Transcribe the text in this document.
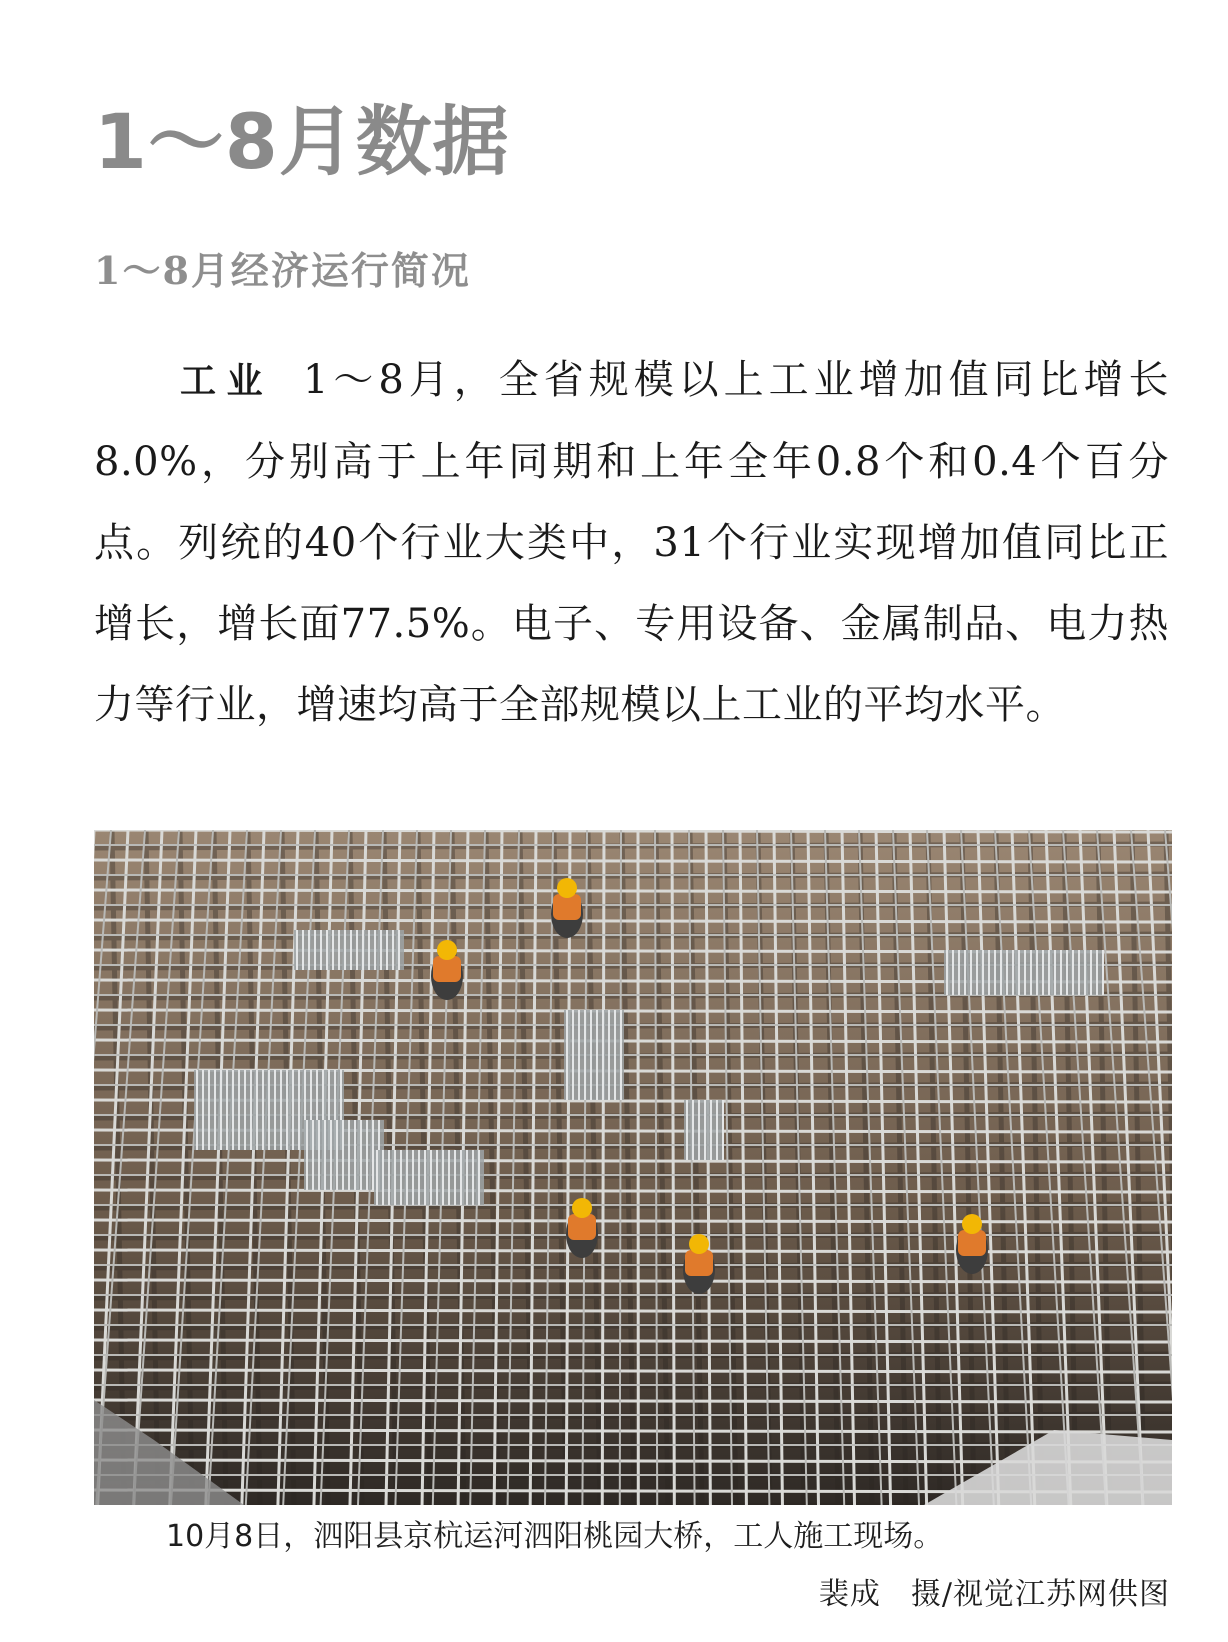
1～8月数据
1～8月经济运行简况
工业 1～8月，全省规模以上工业增加值同比增长8.0%，分别高于上年同期和上年全年0.8个和0.4个百分点。列统的40个行业大类中，31个行业实现增加值同比正增长，增长面77.5%。电子、专用设备、金属制品、电力热力等行业，增速均高于全部规模以上工业的平均水平。
10月8日，泗阳县京杭运河泗阳桃园大桥，工人施工现场。
裴成 摄/视觉江苏网供图
